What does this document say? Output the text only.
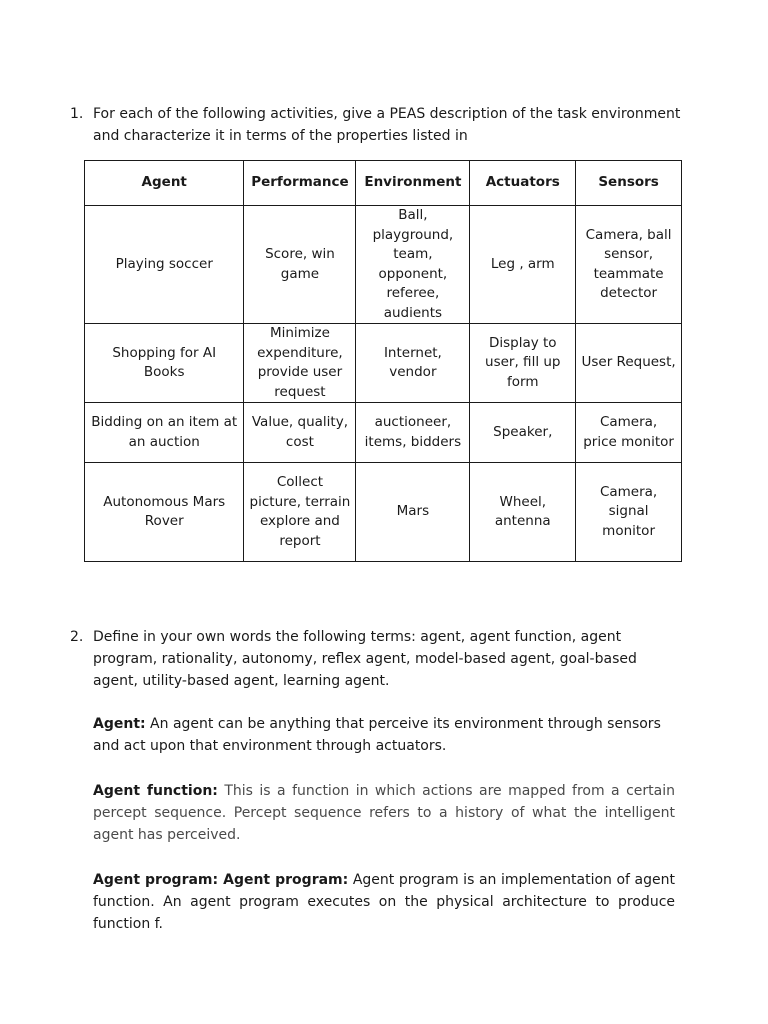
1. For each of the following activities, give a PEAS description of the task environment and characterize it in terms of the properties listed in
Agent	Performance	Environment	Actuators	Sensors
Playing soccer	Score, win game	Ball, playground, team, opponent, referee, audients	Leg , arm	Camera, ball sensor, teammate detector
Shopping for AI Books	Minimize expenditure, provide user request	Internet, vendor	Display to user, fill up form	User Request,
Bidding on an item at an auction	Value, quality, cost	auctioneer, items, bidders	Speaker,	Camera, price monitor
Autonomous Mars Rover	Collect picture, terrain explore and report	Mars	Wheel, antenna	Camera, signal monitor
2. Define in your own words the following terms: agent, agent function, agent program, rationality, autonomy, reflex agent, model-based agent, goal-based agent, utility-based agent, learning agent.
Agent: An agent can be anything that perceive its environment through sensors and act upon that environment through actuators.
Agent function: This is a function in which actions are mapped from a certain percept sequence. Percept sequence refers to a history of what the intelligent agent has perceived.
Agent program: Agent program: Agent program is an implementation of agent function. An agent program executes on the physical architecture to produce function f.
